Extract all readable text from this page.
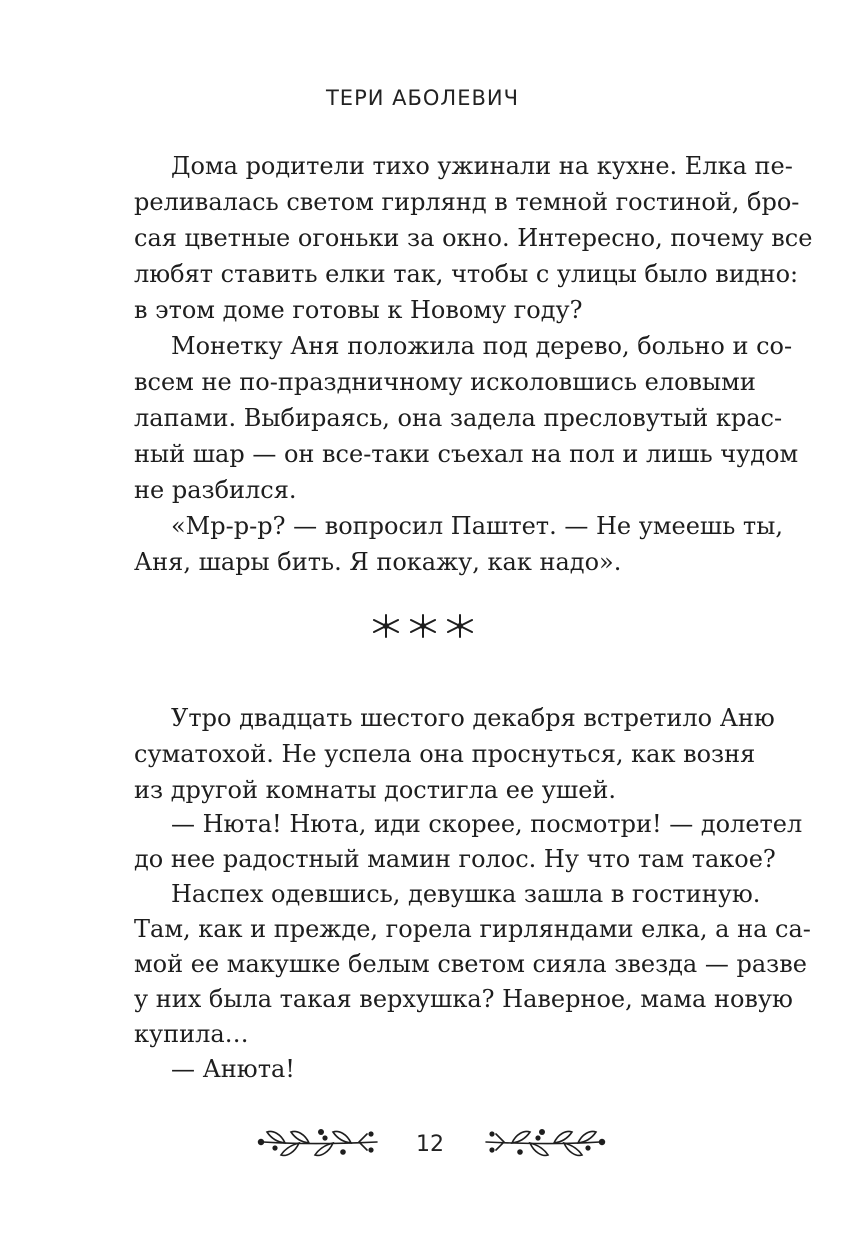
ТЕРИ АБОЛЕВИЧ
Дома родители тихо ужинали на кухне. Елка пе-
реливалась светом гирлянд в темной гостиной, бро-
сая цветные огоньки за окно. Интересно, почему все
любят ставить елки так, чтобы с улицы было видно:
в этом доме готовы к Новому году?
Монетку Аня положила под дерево, больно и со-
всем не по-праздничному исколовшись еловыми
лапами. Выбираясь, она задела пресловутый крас-
ный шар — он все-таки съехал на пол и лишь чудом
не разбился.
«Мр-р-р? — вопросил Паштет. — Не умеешь ты,
Аня, шары бить. Я покажу, как надо».
Утро двадцать шестого декабря встретило Аню
суматохой. Не успела она проснуться, как возня
из другой комнаты достигла ее ушей.
— Нюта! Нюта, иди скорее, посмотри! — долетел
до нее радостный мамин голос. Ну что там такое?
Наспех одевшись, девушка зашла в гостиную.
Там, как и прежде, горела гирляндами елка, а на са-
мой ее макушке белым светом сияла звезда — разве
у них была такая верхушка? Наверное, мама новую
купила…
— Анюта!
12
